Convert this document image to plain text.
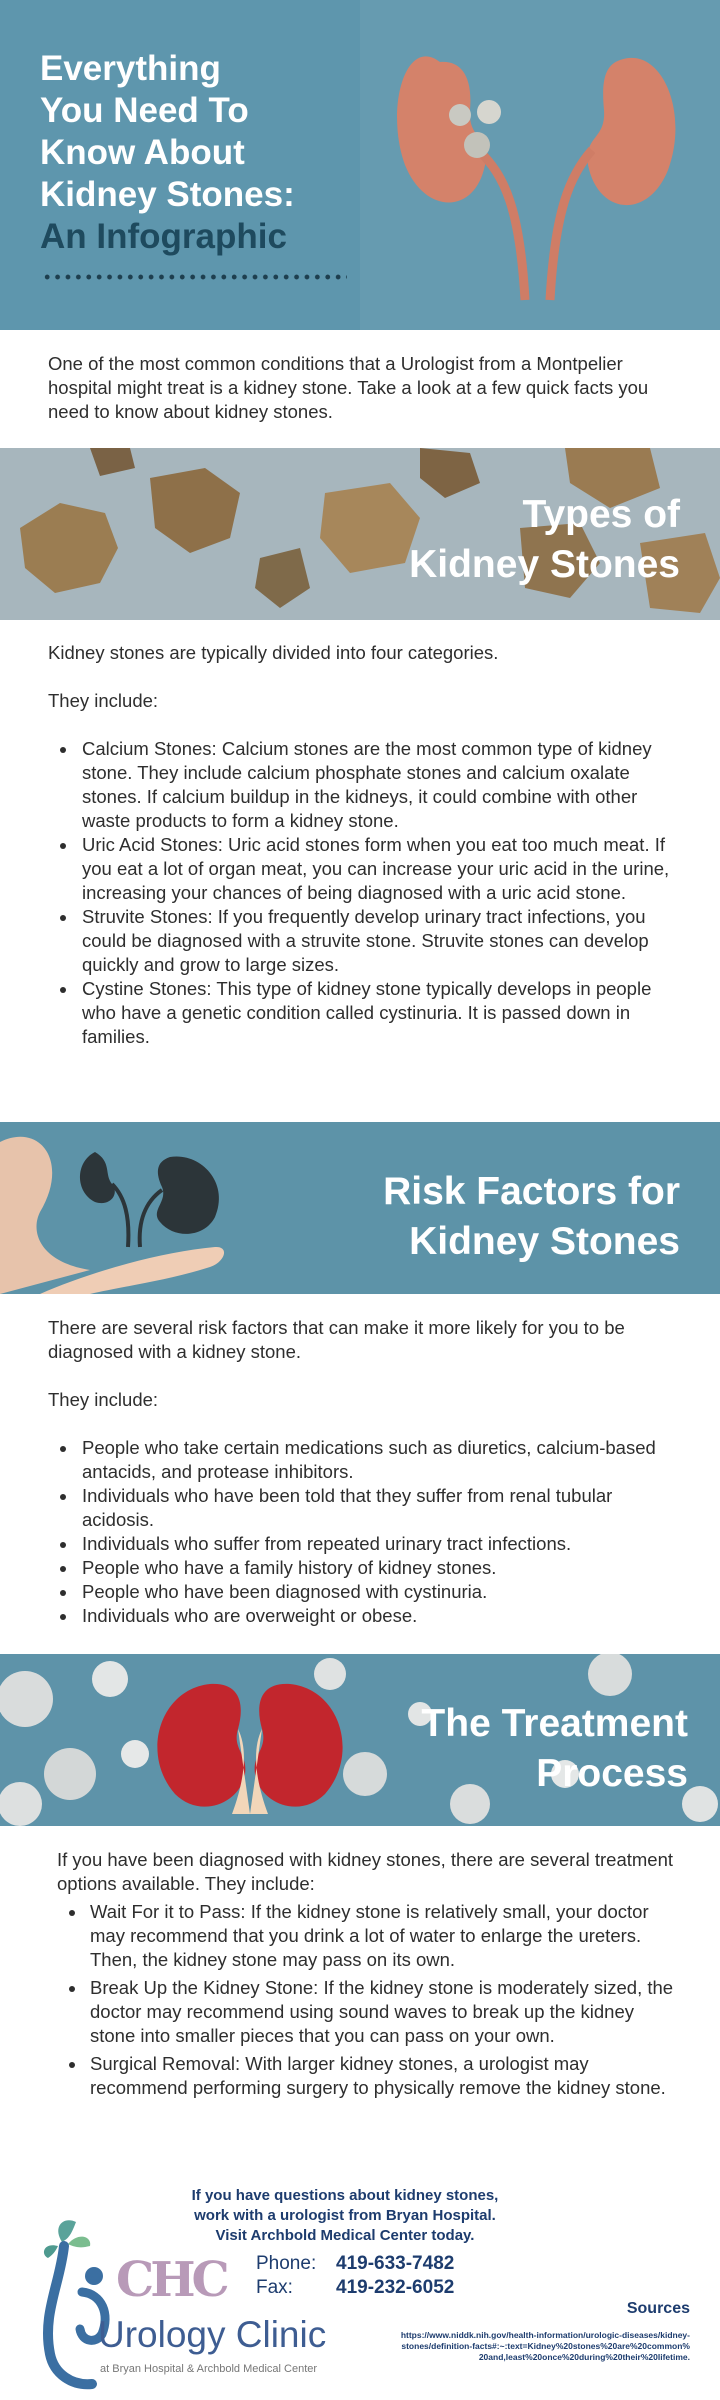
Everything
You Need To
Know About
Kidney Stones:
An Infographic

One of the most common conditions that a Urologist from a Montpelier hospital might treat is a kidney stone. Take a look at a few quick facts you need to know about kidney stones.

Types of
Kidney Stones

Kidney stones are typically divided into four categories.

They include:

Calcium Stones: Calcium stones are the most common type of kidney stone. They include calcium phosphate stones and calcium oxalate stones. If calcium buildup in the kidneys, it could combine with other waste products to form a kidney stone.
Uric Acid Stones: Uric acid stones form when you eat too much meat. If you eat a lot of organ meat, you can increase your uric acid in the urine, increasing your chances of being diagnosed with a uric acid stone.
Struvite Stones: If you frequently develop urinary tract infections, you could be diagnosed with a struvite stone. Struvite stones can develop quickly and grow to large sizes.
Cystine Stones: This type of kidney stone typically develops in people who have a genetic condition called cystinuria. It is passed down in families.
Risk Factors for
Kidney Stones

There are several risk factors that can make it more likely for you to be diagnosed with a kidney stone.

They include:

People who take certain medications such as diuretics, calcium-based antacids, and protease inhibitors.
Individuals who have been told that they suffer from renal tubular acidosis.
Individuals who suffer from repeated urinary tract infections.
People who have a family history of kidney stones.
People who have been diagnosed with cystinuria.
Individuals who are overweight or obese.
The Treatment
Process

If you have been diagnosed with kidney stones, there are several treatment options available. They include:

Wait For it to Pass: If the kidney stone is relatively small, your doctor may recommend that you drink a lot of water to enlarge the ureters. Then, the kidney stone may pass on its own.
Break Up the Kidney Stone: If the kidney stone is moderately sized, the doctor may recommend using sound waves to break up the kidney stone into smaller pieces that you can pass on your own.
Surgical Removal: With larger kidney stones, a urologist may recommend performing surgery to physically remove the kidney stone.
If you have questions about kidney stones,
work with a urologist from Bryan Hospital.
Visit Archbold Medical Center today.
CHC
Urology Clinic
at Bryan Hospital & Archbold Medical Center
Phone: 419-633-7482
Fax: 419-232-6052
Sources
https://www.niddk.nih.gov/health-information/urologic-diseases/kidney-stones/definition-facts#:~:text=Kidney%20stones%20are%20common%20and,least%20once%20during%20their%20lifetime.
